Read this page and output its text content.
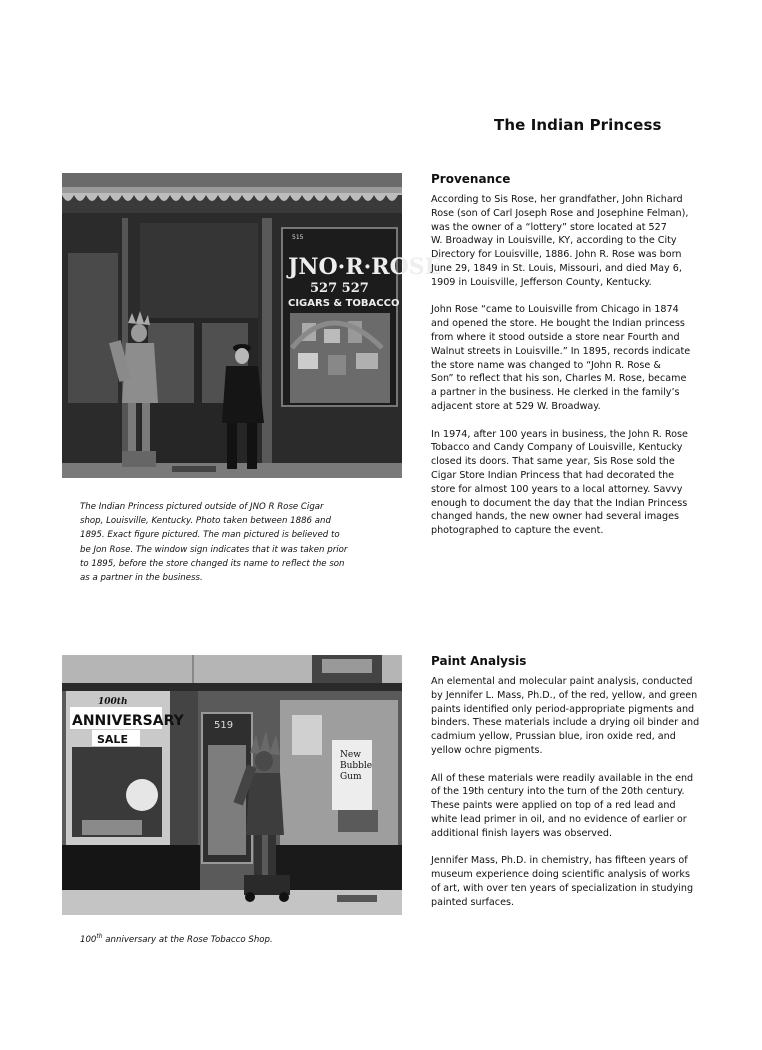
The Indian Princess
JNO·R·ROSE
527 527
CIGARS & TOBACCO
515
The Indian Princess pictured outside of JNO R Rose Cigar
shop, Louisville, Kentucky. Photo taken between 1886 and
1895. Exact figure pictured. The man pictured is believed to
be Jon Rose. The window sign indicates that it was taken prior
to 1895, before the store changed its name to reflect the son
as a partner in the business.
Provenance

According to Sis Rose, her grandfather, John Richard
Rose (son of Carl Joseph Rose and Josephine Felman),
was the owner of a “lottery” store located at 527
W. Broadway in Louisville, KY, according to the City
Directory for Louisville, 1886. John R. Rose was born
June 29, 1849 in St. Louis, Missouri, and died May 6,
1909 in Louisville, Jefferson County, Kentucky.

John Rose “came to Louisville from Chicago in 1874
and opened the store. He bought the Indian princess
from where it stood outside a store near Fourth and
Walnut streets in Louisville.” In 1895, records indicate
the store name was changed to “John R. Rose &
Son” to reflect that his son, Charles M. Rose, became
a partner in the business. He clerked in the family’s
adjacent store at 529 W. Broadway.

In 1974, after 100 years in business, the John R. Rose
Tobacco and Candy Company of Louisville, Kentucky
closed its doors. That same year, Sis Rose sold the
Cigar Store Indian Princess that had decorated the
store for almost 100 years to a local attorney. Savvy
enough to document the day that the Indian Princess
changed hands, the new owner had several images
photographed to capture the event.

100th
ANNIVERSARY
SALE
519
New
Bubble
Gum
100th anniversary at the Rose Tobacco Shop.
Paint Analysis

An elemental and molecular paint analysis, conducted
by Jennifer L. Mass, Ph.D., of the red, yellow, and green
paints identified only period-appropriate pigments and
binders. These materials include a drying oil binder and
cadmium yellow, Prussian blue, iron oxide red, and
yellow ochre pigments.

All of these materials were readily available in the end
of the 19th century into the turn of the 20th century.
These paints were applied on top of a red lead and
white lead primer in oil, and no evidence of earlier or
additional finish layers was observed.

Jennifer Mass, Ph.D. in chemistry, has fifteen years of
museum experience doing scientific analysis of works
of art, with over ten years of specialization in studying
painted surfaces.
